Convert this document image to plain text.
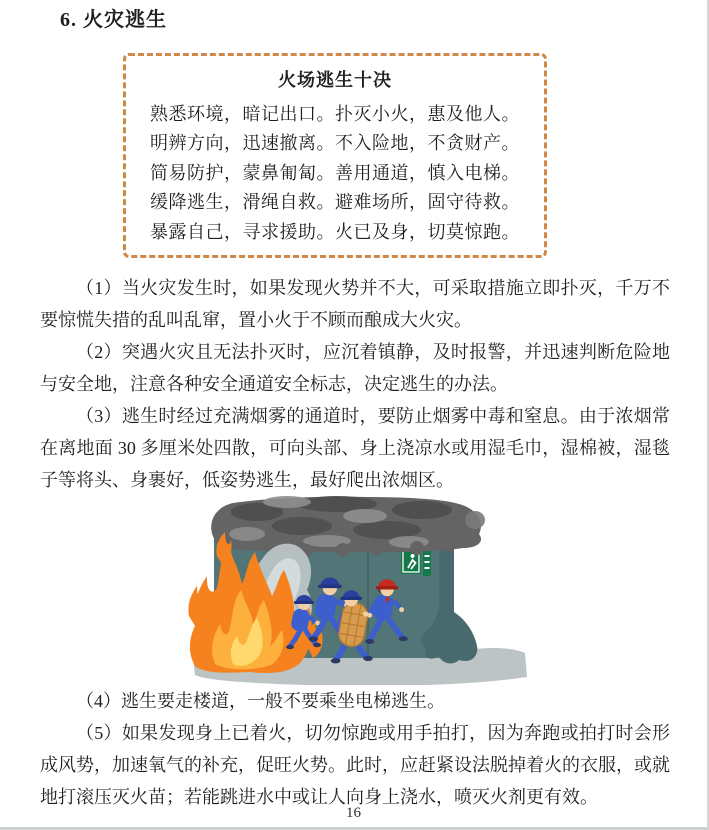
6. 火灾逃生
火场逃生十决

熟悉环境，暗记出口。扑灭小火，惠及他人。

明辨方向，迅速撤离。不入险地，不贪财产。

简易防护，蒙鼻匍匐。善用通道，慎入电梯。

缓降逃生，滑绳自救。避难场所，固守待救。

暴露自己，寻求援助。火已及身，切莫惊跑。

（1）当火灾发生时，如果发现火势并不大，可采取措施立即扑灭，千万不要惊慌失措的乱叫乱窜，置小火于不顾而酿成大火灾。

（2）突遇火灾且无法扑灭时，应沉着镇静，及时报警，并迅速判断危险地与安全地，注意各种安全通道安全标志，决定逃生的办法。

（3）逃生时经过充满烟雾的通道时，要防止烟雾中毒和窒息。由于浓烟常在离地面 30 多厘米处四散，可向头部、身上浇凉水或用湿毛巾，湿棉被，湿毯子等将头、身裹好，低姿势逃生，最好爬出浓烟区。

（4）逃生要走楼道，一般不要乘坐电梯逃生。

（5）如果发现身上已着火，切勿惊跑或用手拍打，因为奔跑或拍打时会形成风势，加速氧气的补充，促旺火势。此时，应赶紧设法脱掉着火的衣服，或就地打滚压灭火苗；若能跳进水中或让人向身上浇水，喷灭火剂更有效。

16
